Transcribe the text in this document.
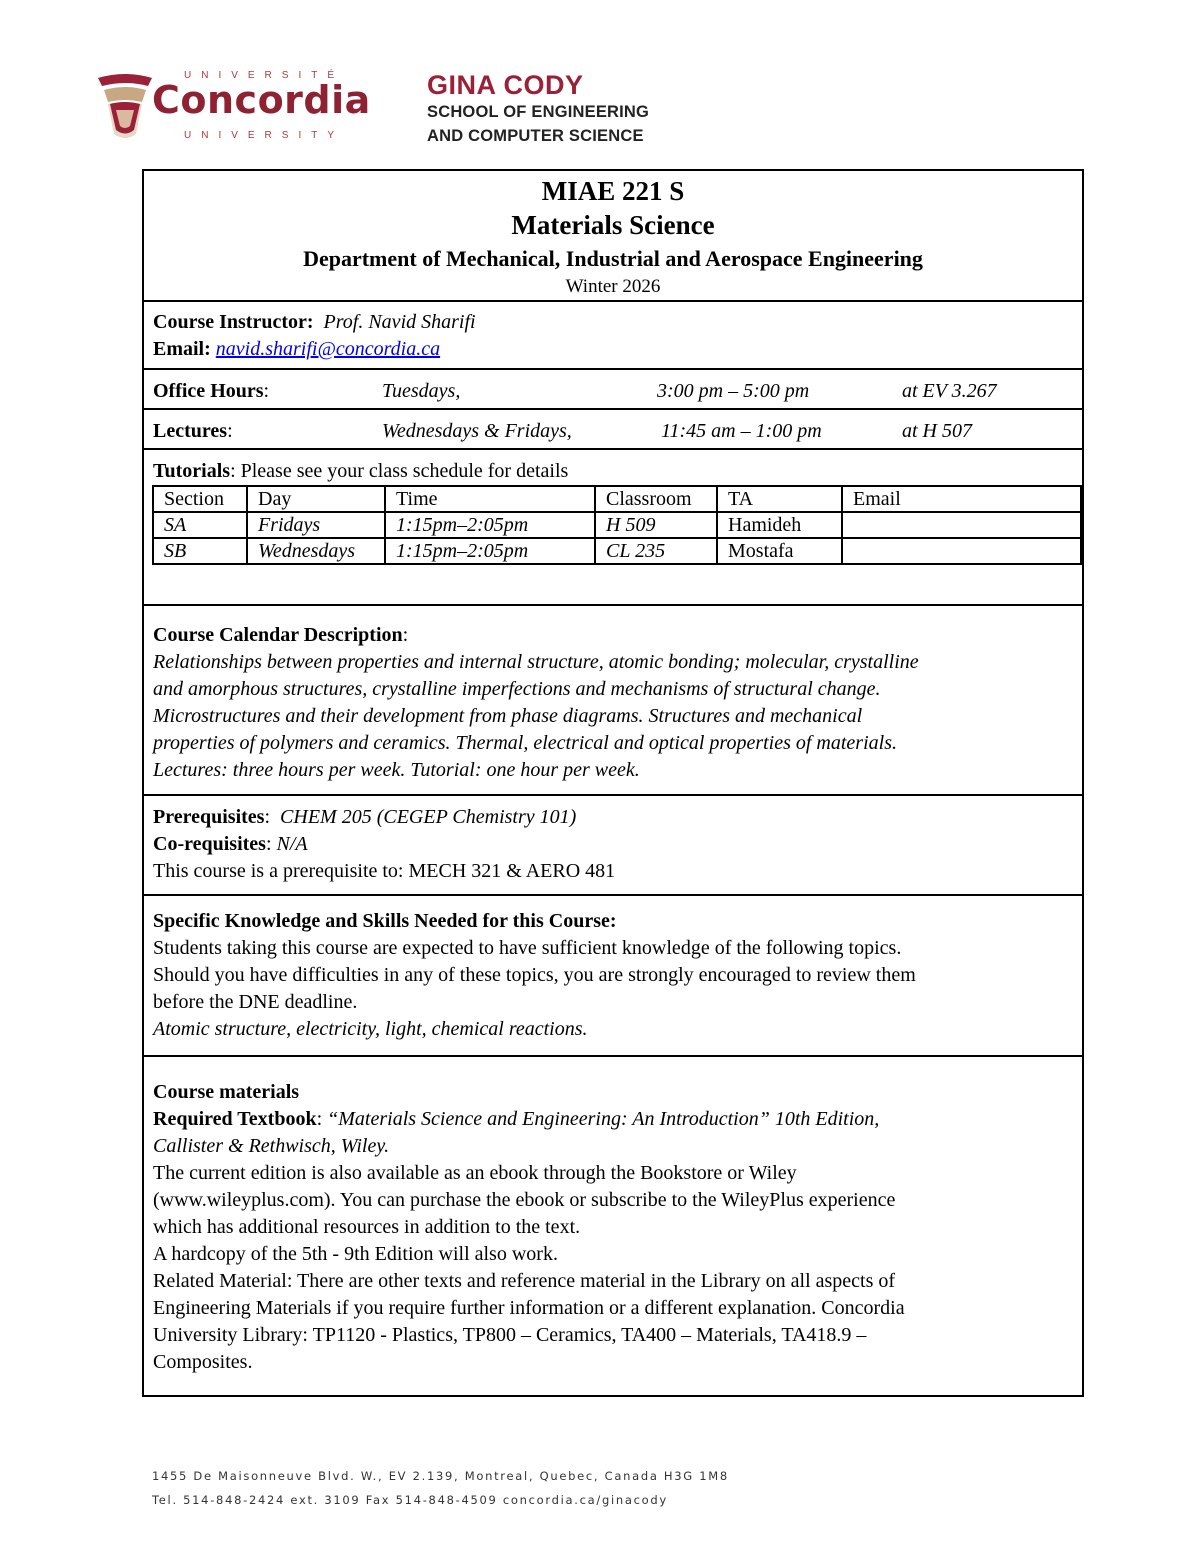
UNIVERSITÉ
Concordia
UNIVERSITY
GINA CODY
SCHOOL OF ENGINEERING
AND COMPUTER SCIENCE
MIAE 221 S
Materials Science
Department of Mechanical, Industrial and Aerospace Engineering
Winter 2026
Course Instructor: Prof. Navid Sharifi
Email: navid.sharifi@concordia.ca
Office Hours:	Tuesdays,	3:00 pm – 5:00 pm	at EV 3.267
Lectures:	Wednesdays & Fridays,	11:45 am – 1:00 pm	at H 507
Tutorials: Please see your class schedule for details
Section	Day	Time	Classroom	TA	Email
SA	Fridays	1:15pm–2:05pm	H 509	Hamideh	
SB	Wednesdays	1:15pm–2:05pm	CL 235	Mostafa	
Course Calendar Description:
Relationships between properties and internal structure, atomic bonding; molecular, crystalline
and amorphous structures, crystalline imperfections and mechanisms of structural change.
Microstructures and their development from phase diagrams. Structures and mechanical
properties of polymers and ceramics. Thermal, electrical and optical properties of materials.
Lectures: three hours per week. Tutorial: one hour per week.
Prerequisites:  CHEM 205 (CEGEP Chemistry 101)
Co-requisites: N/A
This course is a prerequisite to: MECH 321 & AERO 481
Specific Knowledge and Skills Needed for this Course:
Students taking this course are expected to have sufficient knowledge of the following topics.
Should you have difficulties in any of these topics, you are strongly encouraged to review them
before the DNE deadline.
Atomic structure, electricity, light, chemical reactions.
Course materials
Required Textbook: “Materials Science and Engineering: An Introduction” 10th Edition,
Callister & Rethwisch, Wiley.
The current edition is also available as an ebook through the Bookstore or Wiley
(www.wileyplus.com). You can purchase the ebook or subscribe to the WileyPlus experience
which has additional resources in addition to the text.
A hardcopy of the 5th - 9th Edition will also work.
Related Material: There are other texts and reference material in the Library on all aspects of
Engineering Materials if you require further information or a different explanation. Concordia
University Library: TP1120 - Plastics, TP800 – Ceramics, TA400 – Materials, TA418.9 –
Composites.
1455 De Maisonneuve Blvd. W., EV 2.139, Montreal, Quebec, Canada H3G 1M8
Tel. 514-848-2424 ext. 3109 Fax 514-848-4509 concordia.ca/ginacody
